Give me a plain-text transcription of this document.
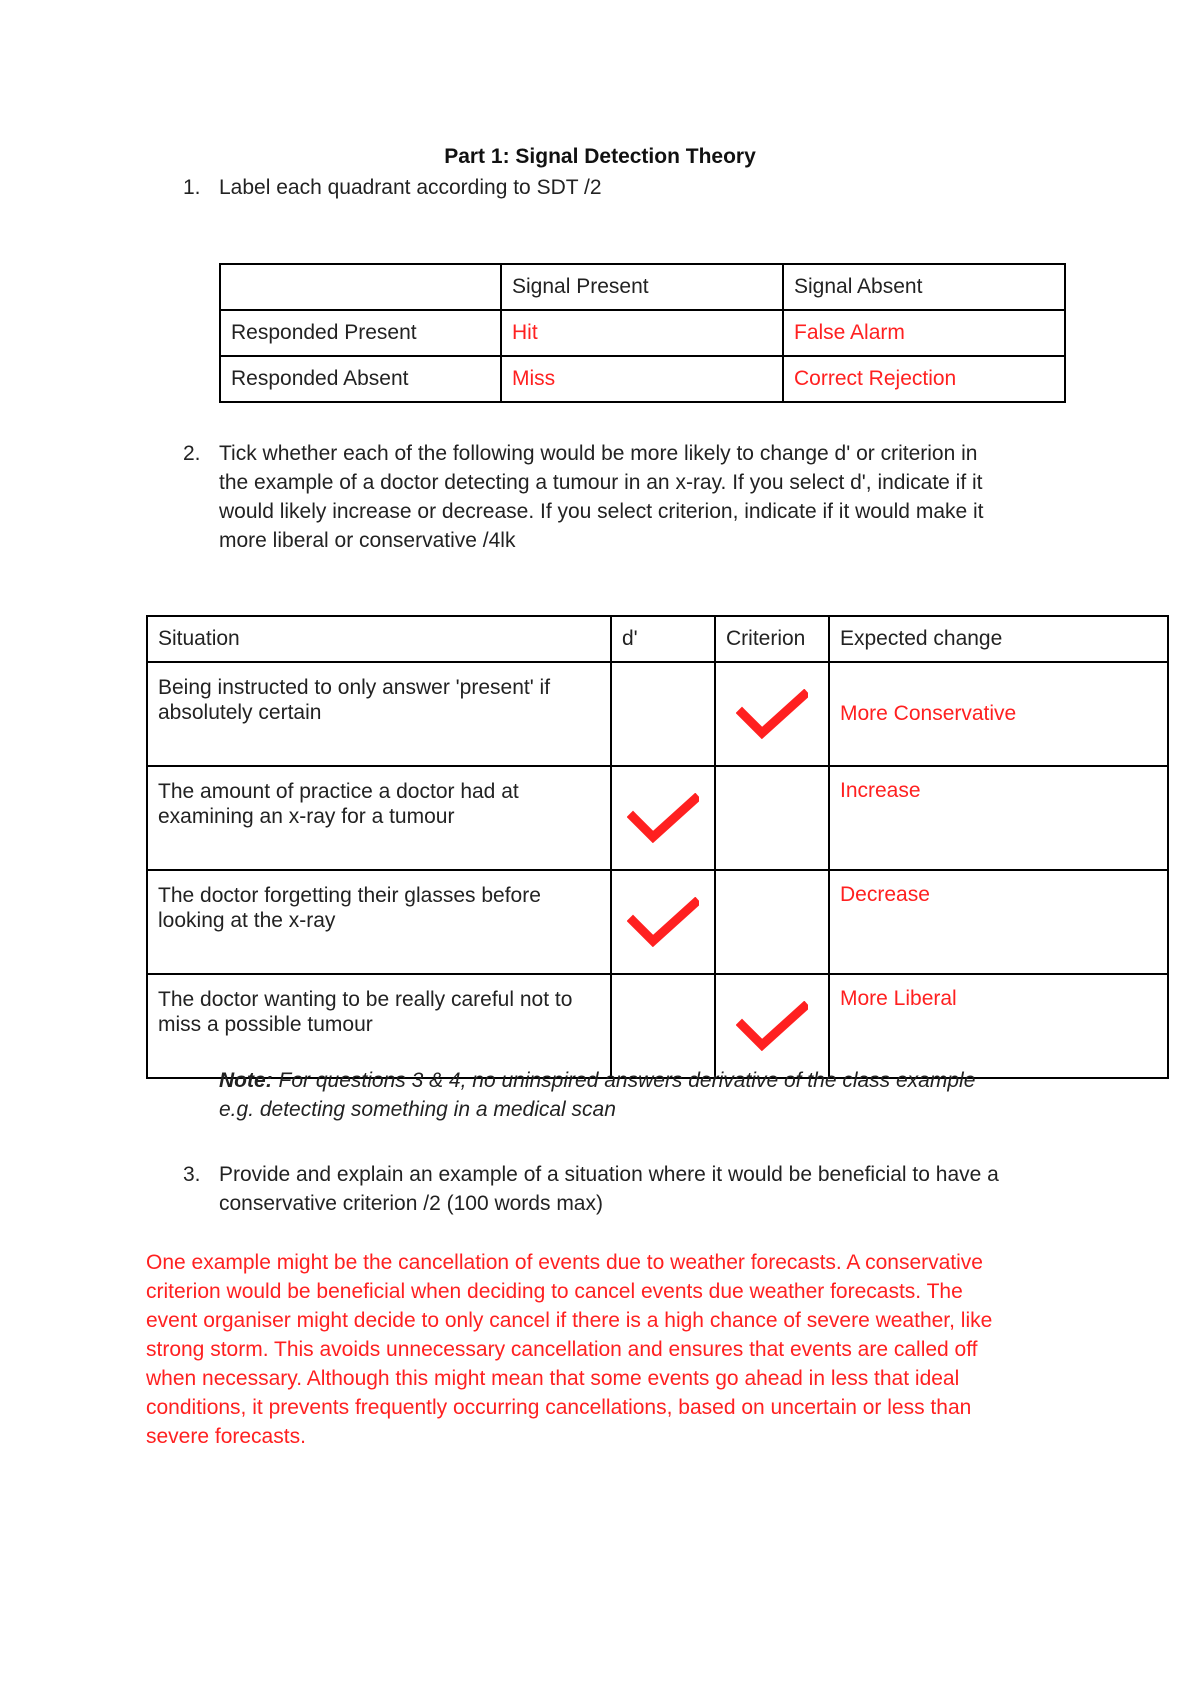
Part 1: Signal Detection Theory
1. Label each quadrant according to SDT /2
	Signal Present	Signal Absent
Responded Present	Hit	False Alarm
Responded Absent	Miss	Correct Rejection
2. Tick whether each of the following would be more likely to change d' or criterion in
the example of a doctor detecting a tumour in an x-ray. If you select d', indicate if it
would likely increase or decrease. If you select criterion, indicate if it would make it
more liberal or conservative /4lk
Situation	d'	Criterion	Expected change
Being instructed to only answer 'present' if absolutely certain			More Conservative
The amount of practice a doctor had at examining an x-ray for a tumour			Increase
The doctor forgetting their glasses before looking at the x-ray			Decrease
The doctor wanting to be really careful not to miss a possible tumour			More Liberal
Note: For questions 3 & 4, no uninspired answers derivative of the class example
e.g. detecting something in a medical scan
3. Provide and explain an example of a situation where it would be beneficial to have a
conservative criterion /2 (100 words max)
One example might be the cancellation of events due to weather forecasts. A conservative
criterion would be beneficial when deciding to cancel events due weather forecasts. The
event organiser might decide to only cancel if there is a high chance of severe weather, like
strong storm. This avoids unnecessary cancellation and ensures that events are called off
when necessary. Although this might mean that some events go ahead in less that ideal
conditions, it prevents frequently occurring cancellations, based on uncertain or less than
severe forecasts.
